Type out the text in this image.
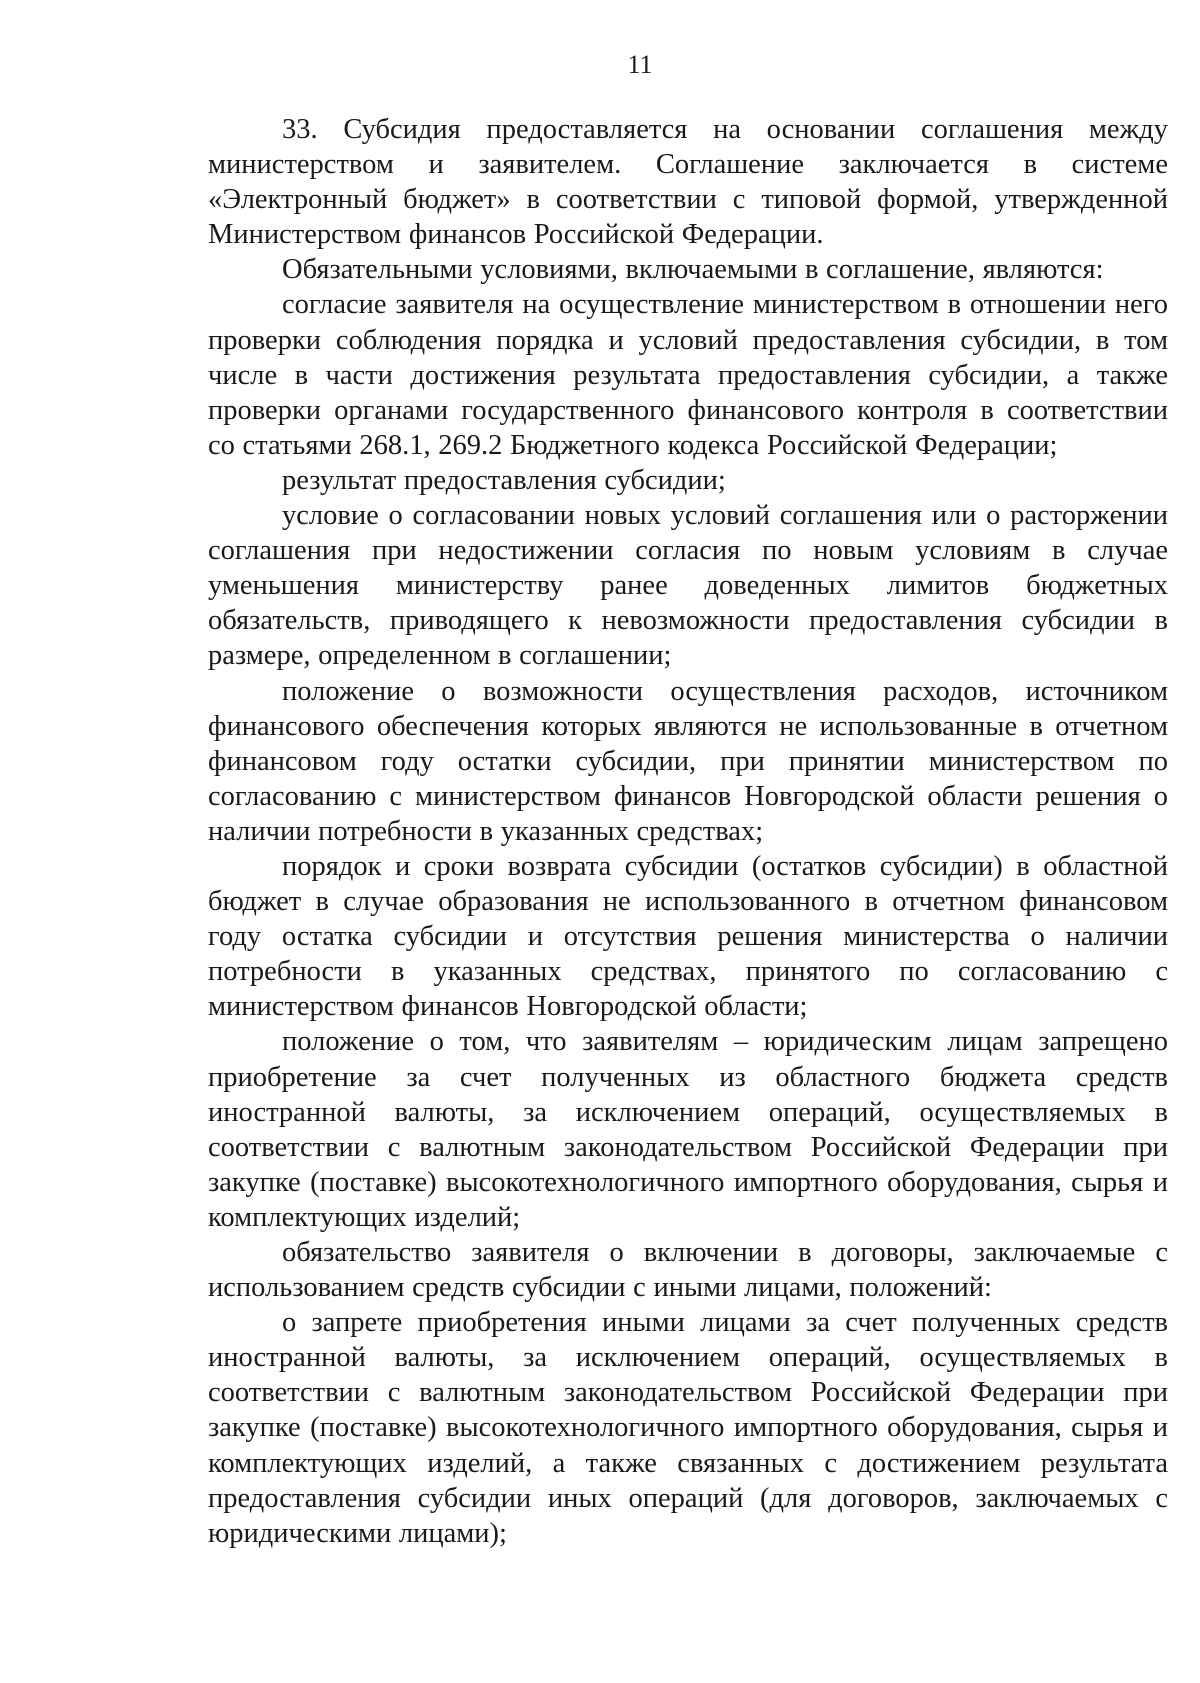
11

33. Субсидия предоставляется на основании соглашения между министерством и заявителем. Соглашение заключается в системе «Электронный бюджет» в соответствии с типовой формой, утвержденной Министерством финансов Российской Федерации.

Обязательными условиями, включаемыми в соглашение, являются:

согласие заявителя на осуществление министерством в отношении него проверки соблюдения порядка и условий предоставления субсидии, в том числе в части достижения результата предоставления субсидии, а также проверки органами государственного финансового контроля в соответствии со статьями 268.1, 269.2 Бюджетного кодекса Российской Федерации;

результат предоставления субсидии;

условие о согласовании новых условий соглашения или о расторжении соглашения при недостижении согласия по новым условиям в случае уменьшения министерству ранее доведенных лимитов бюджетных обязательств, приводящего к невозможности предоставления субсидии в размере, определенном в соглашении;

положение о возможности осуществления расходов, источником финансового обеспечения которых являются не использованные в отчетном финансовом году остатки субсидии, при принятии министерством по согласованию с министерством финансов Новгородской области решения о наличии потребности в указанных средствах;

порядок и сроки возврата субсидии (остатков субсидии) в областной бюджет в случае образования не использованного в отчетном финансовом году остатка субсидии и отсутствия решения министерства о наличии потребности в указанных средствах, принятого по согласованию с министерством финансов Новгородской области;

положение о том, что заявителям – юридическим лицам запрещено приобретение за счет полученных из областного бюджета средств иностранной валюты, за исключением операций, осуществляемых в соответствии с валютным законодательством Российской Федерации при закупке (поставке) высокотехнологичного импортного оборудования, сырья и комплектующих изделий;

обязательство заявителя о включении в договоры, заключаемые с использованием средств субсидии с иными лицами, положений:

о запрете приобретения иными лицами за счет полученных средств иностранной валюты, за исключением операций, осуществляемых в соответствии с валютным законодательством Российской Федерации при закупке (поставке) высокотехнологичного импортного оборудования, сырья и комплектующих изделий, а также связанных с достижением результата предоставления субсидии иных операций (для договоров, заключаемых с юридическими лицами);
